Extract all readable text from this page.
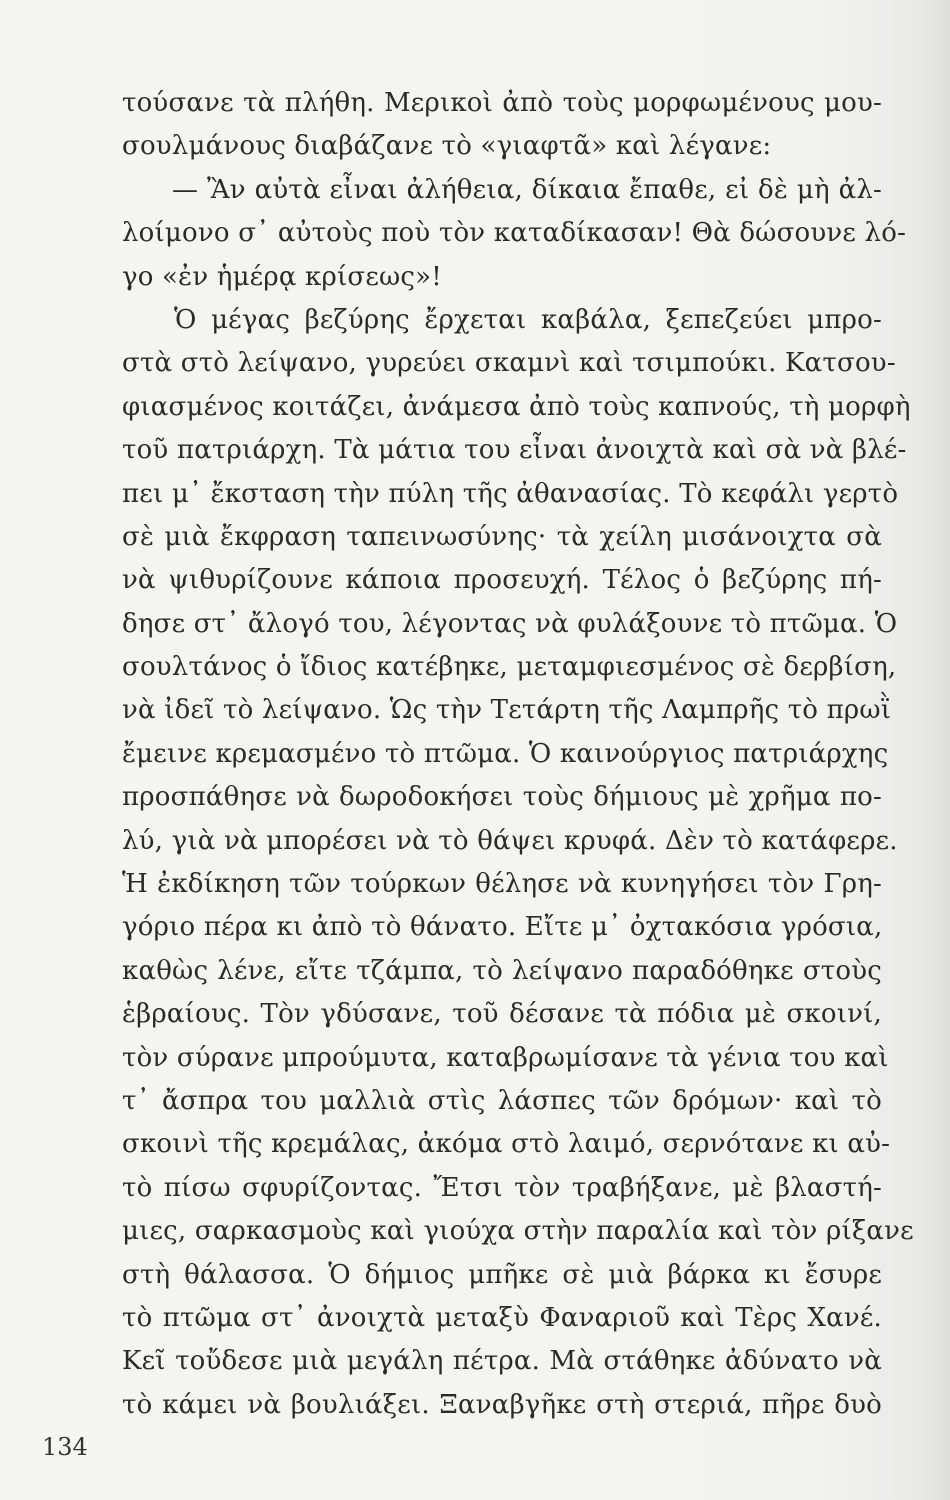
τούσανε τὰ πλήθη. Μερικοὶ ἀπὸ τοὺς μορφωμένους μου-
σουλμάνους διαβάζανε τὸ «γιαφτᾶ» καὶ λέγανε:
— Ἂν αὐτὰ εἶναι ἀλήθεια, δίκαια ἔπαθε, εἰ δὲ μὴ ἀλ-
λοίμονο σ᾽ αὐτοὺς ποὺ τὸν καταδίκασαν! Θὰ δώσουνε λό-
γο «ἐν ἡμέρᾳ κρίσεως»!
Ὁ μέγας βεζύρης ἔρχεται καβάλα, ξεπεζεύει μπρο-
στὰ στὸ λείψανο, γυρεύει σκαμνὶ καὶ τσιμπούκι. Κατσου-
φιασμένος κοιτάζει, ἀνάμεσα ἀπὸ τοὺς καπνούς, τὴ μορφὴ
τοῦ πατριάρχη. Τὰ μάτια του εἶναι ἀνοιχτὰ καὶ σὰ νὰ βλέ-
πει μ᾽ ἔκσταση τὴν πύλη τῆς ἀθανασίας. Τὸ κεφάλι γερτὸ
σὲ μιὰ ἔκφραση ταπεινωσύνης· τὰ χείλη μισάνοιχτα σὰ
νὰ ψιθυρίζουνε κάποια προσευχή. Τέλος ὁ βεζύρης πή-
δησε στ᾽ ἄλογό του, λέγοντας νὰ φυλάξουνε τὸ πτῶμα. Ὁ
σουλτάνος ὁ ἴδιος κατέβηκε, μεταμφιεσμένος σὲ δερβίση,
νὰ ἰδεῖ τὸ λείψανο. Ὡς τὴν Τετάρτη τῆς Λαμπρῆς τὸ πρωῒ
ἔμεινε κρεμασμένο τὸ πτῶμα. Ὁ καινούργιος πατριάρχης
προσπάθησε νὰ δωροδοκήσει τοὺς δήμιους μὲ χρῆμα πο-
λύ, γιὰ νὰ μπορέσει νὰ τὸ θάψει κρυφά. Δὲν τὸ κατάφερε.
Ἡ ἐκδίκηση τῶν τούρκων θέλησε νὰ κυνηγήσει τὸν Γρη-
γόριο πέρα κι ἀπὸ τὸ θάνατο. Εἴτε μ᾽ ὀχτακόσια γρόσια,
καθὼς λένε, εἴτε τζάμπα, τὸ λείψανο παραδόθηκε στοὺς
ἑβραίους. Τὸν γδύσανε, τοῦ δέσανε τὰ πόδια μὲ σκοινί,
τὸν σύρανε μπρούμυτα, καταβρωμίσανε τὰ γένια του καὶ
τ᾽ ἄσπρα του μαλλιὰ στὶς λάσπες τῶν δρόμων· καὶ τὸ
σκοινὶ τῆς κρεμάλας, ἀκόμα στὸ λαιμό, σερνότανε κι αὐ-
τὸ πίσω σφυρίζοντας. Ἔτσι τὸν τραβήξανε, μὲ βλαστή-
μιες, σαρκασμοὺς καὶ γιούχα στὴν παραλία καὶ τὸν ρίξανε
στὴ θάλασσα. Ὁ δήμιος μπῆκε σὲ μιὰ βάρκα κι ἔσυρε
τὸ πτῶμα στ᾽ ἀνοιχτὰ μεταξὺ Φαναριοῦ καὶ Τὲρς Χανέ.
Κεῖ τοὔδεσε μιὰ μεγάλη πέτρα. Μὰ στάθηκε ἀδύνατο νὰ
τὸ κάμει νὰ βουλιάξει. Ξαναβγῆκε στὴ στεριά, πῆρε δυὸ
134
